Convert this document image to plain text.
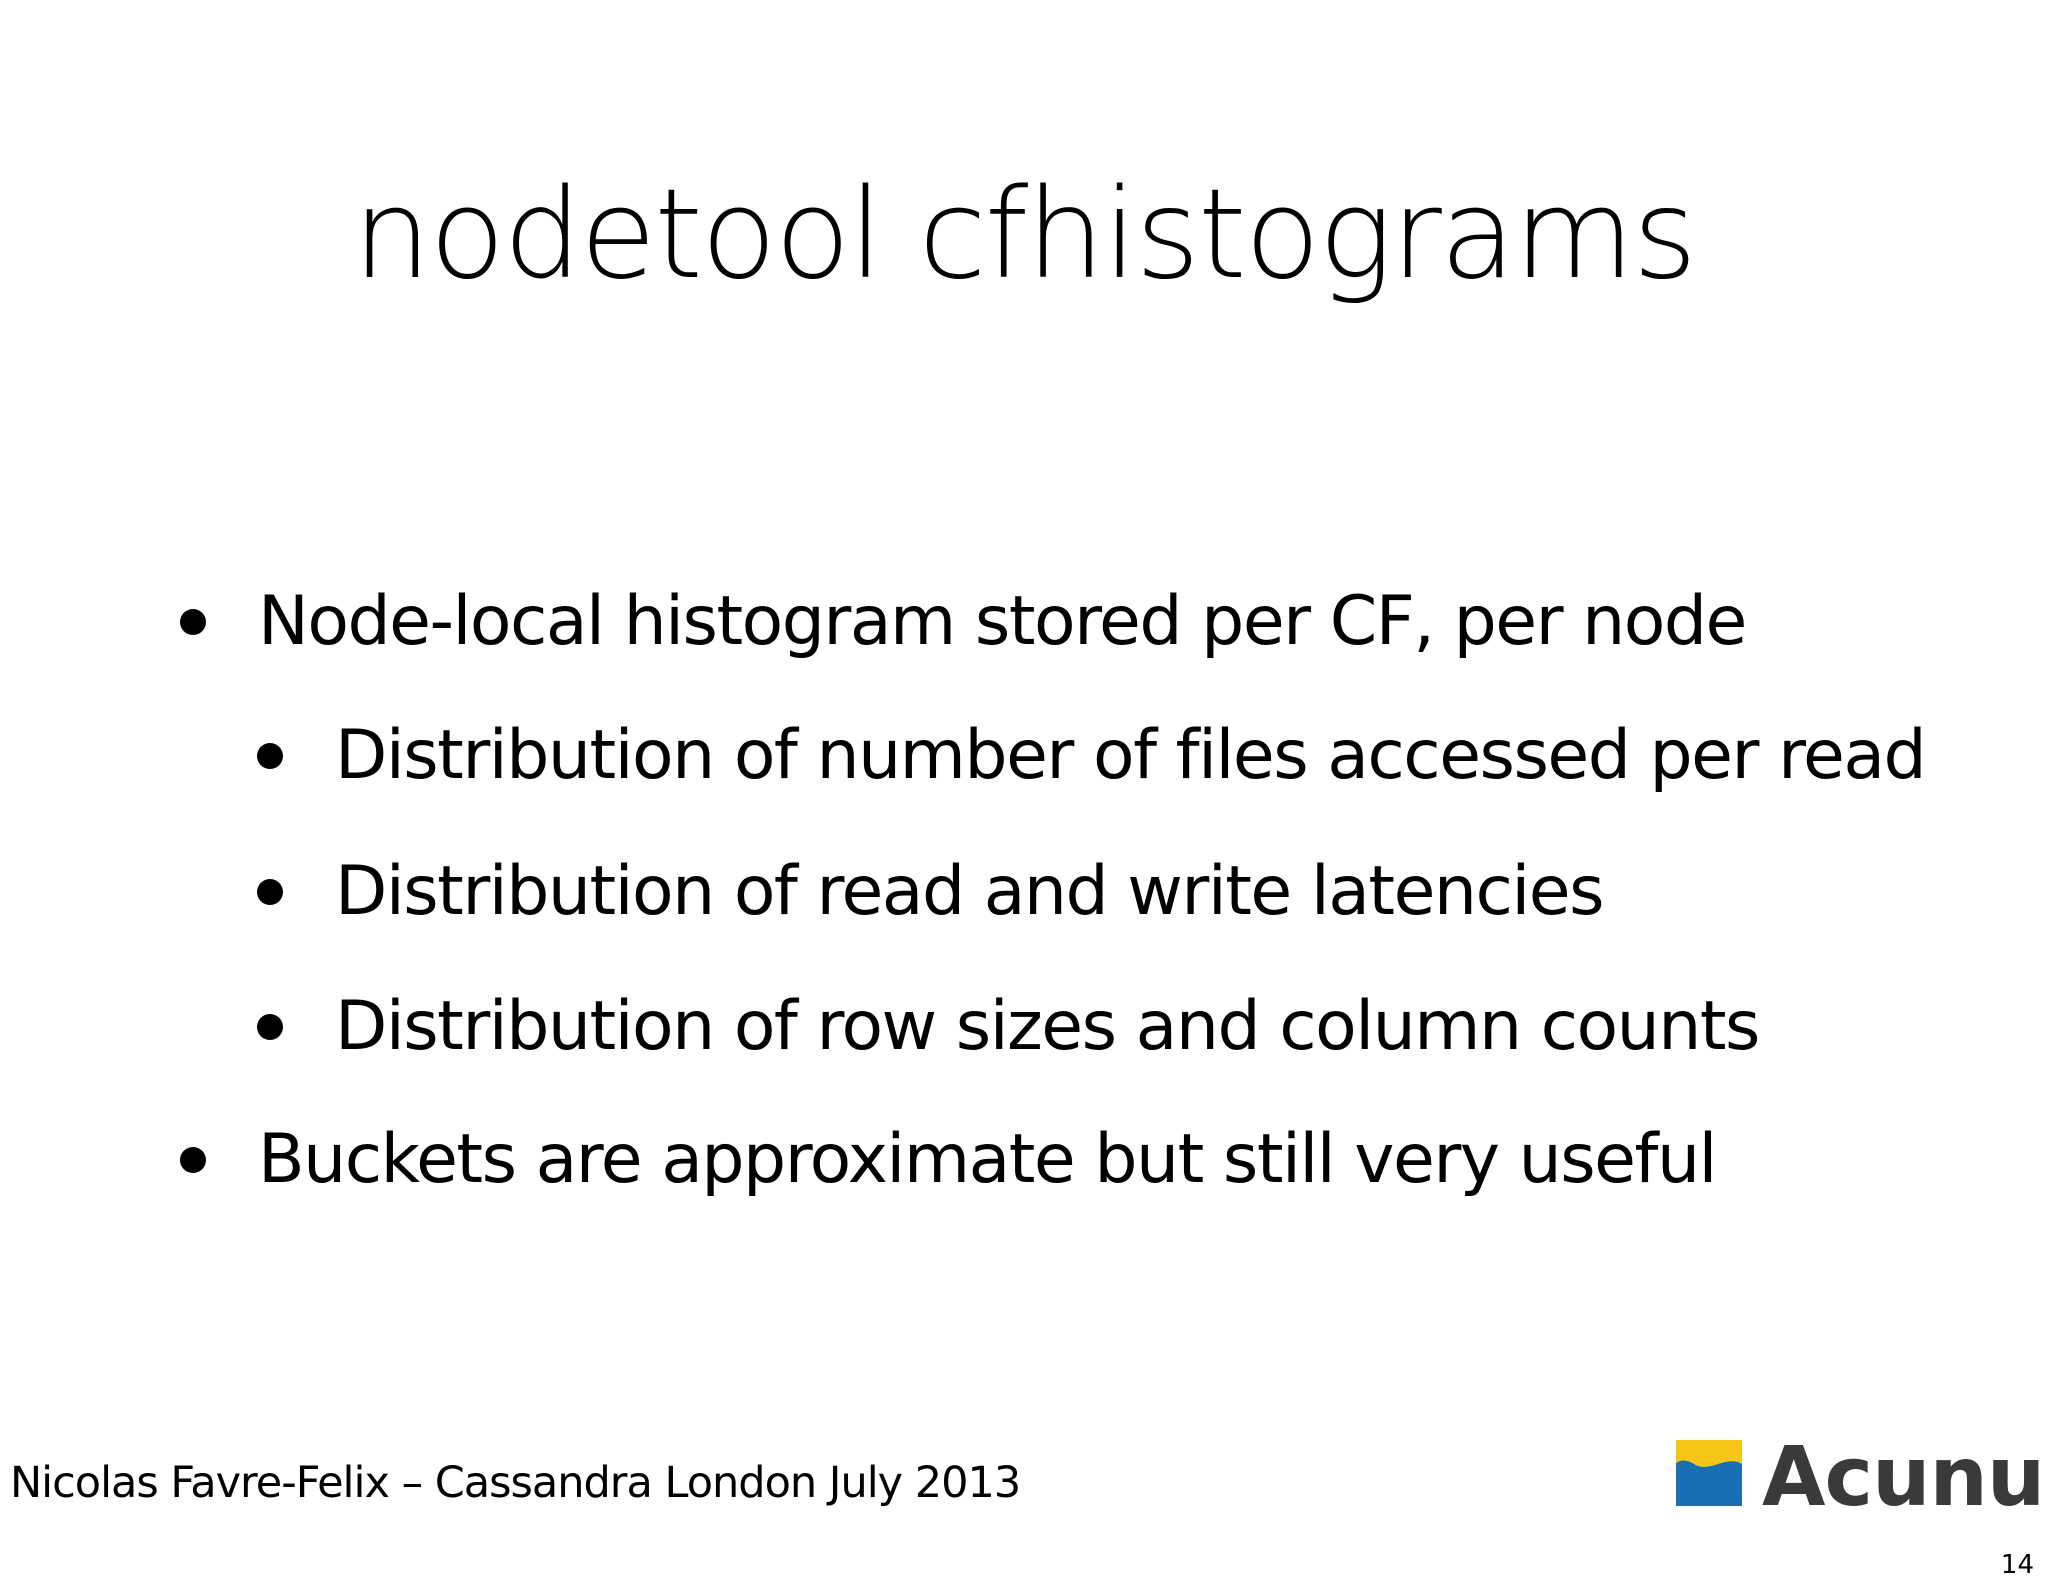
nodetool cfhistograms
Node-local histogram stored per CF, per node
Distribution of number of files accessed per read
Distribution of read and write latencies
Distribution of row sizes and column counts
Buckets are approximate but still very useful
Nicolas Favre-Felix – Cassandra London July 2013	Acunu
14
